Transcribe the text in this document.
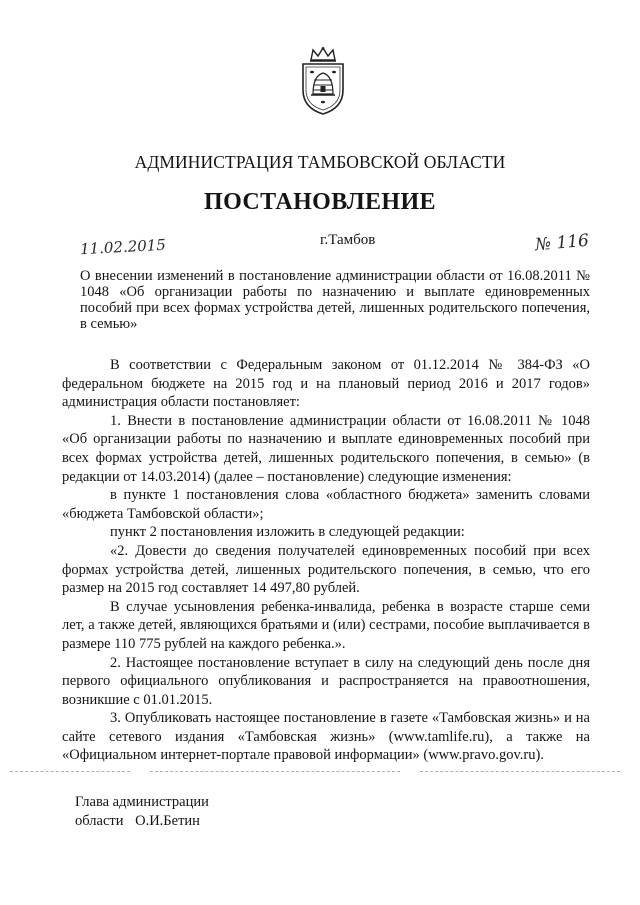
АДМИНИСТРАЦИЯ ТАМБОВСКОЙ ОБЛАСТИ
ПОСТАНОВЛЕНИЕ
11.02.2015	г.Тамбов	№ 116
О внесении изменений в постановление администрации области от 16.08.2011 № 1048 «Об организации работы по назначению и выплате единовременных пособий при всех формах устройства детей, лишенных родительского попечения, в семью»

В соответствии с Федеральным законом от 01.12.2014 № 384-ФЗ «О федеральном бюджете на 2015 год и на плановый период 2016 и 2017 годов» администрация области постановляет:

1. Внести в постановление администрации области от 16.08.2011 № 1048 «Об организации работы по назначению и выплате единовременных пособий при всех формах устройства детей, лишенных родительского попечения, в семью» (в редакции от 14.03.2014) (далее – постановление) следующие изменения:

в пункте 1 постановления слова «областного бюджета» заменить словами «бюджета Тамбовской области»;

пункт 2 постановления изложить в следующей редакции:

«2. Довести до сведения получателей единовременных пособий при всех формах устройства детей, лишенных родительского попечения, в семью, что его размер на 2015 год составляет 14 497,80 рублей.

В случае усыновления ребенка-инвалида, ребенка в возрасте старше семи лет, а также детей, являющихся братьями и (или) сестрами, пособие выплачивается в размере 110 775 рублей на каждого ребенка.».

2. Настоящее постановление вступает в силу на следующий день после дня первого официального опубликования и распространяется на правоотношения, возникшие с 01.01.2015.

3. Опубликовать настоящее постановление в газете «Тамбовская жизнь» и на сайте сетевого издания «Тамбовская жизнь» (www.tamlife.ru), а также на «Официальном интернет-портале правовой информации» (www.pravo.gov.ru).

Глава администрации
области О.И.Бетин
